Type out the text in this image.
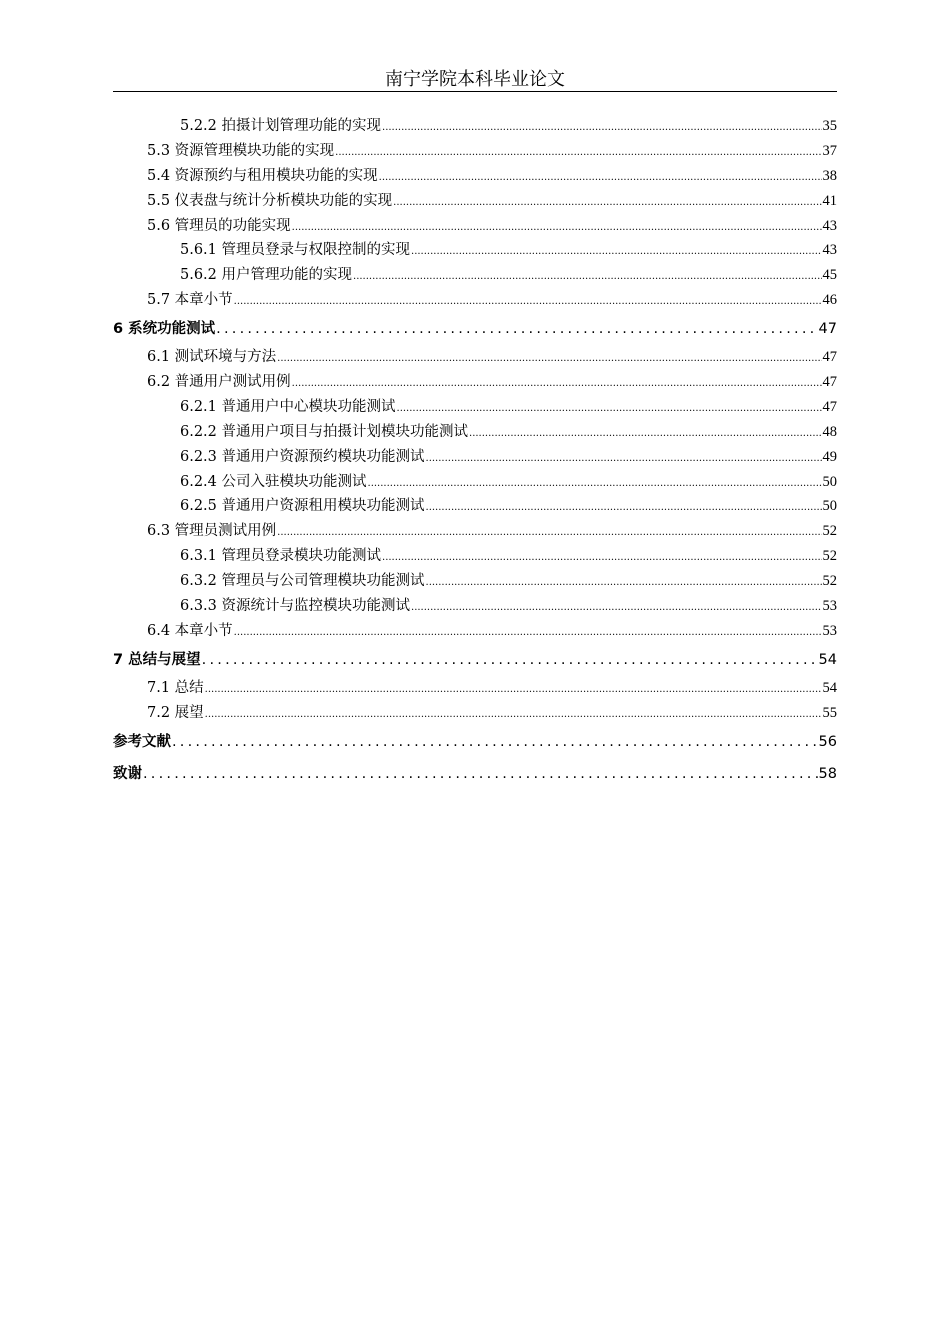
南宁学院本科毕业论文
5.2.2 拍摄计划管理功能的实现 .....	35
5.3 资源管理模块功能的实现 .....	37
5.4 资源预约与租用模块功能的实现 .....	38
5.5 仪表盘与统计分析模块功能的实现 .....	41
5.6 管理员的功能实现 .....	43
5.6.1 管理员登录与权限控制的实现 .....	43
5.6.2 用户管理功能的实现 .....	45
5.7 本章小节 .....	46
6 系统功能测试 .....	47
6.1 测试环境与方法 .....	47
6.2 普通用户测试用例 .....	47
6.2.1 普通用户中心模块功能测试 .....	47
6.2.2 普通用户项目与拍摄计划模块功能测试 .....	48
6.2.3 普通用户资源预约模块功能测试 .....	49
6.2.4 公司入驻模块功能测试 .....	50
6.2.5 普通用户资源租用模块功能测试 .....	50
6.3 管理员测试用例 .....	52
6.3.1 管理员登录模块功能测试 .....	52
6.3.2 管理员与公司管理模块功能测试 .....	52
6.3.3 资源统计与监控模块功能测试 .....	53
6.4 本章小节 .....	53
7 总结与展望 .....	54
7.1 总结 .....	54
7.2 展望 .....	55
参考文献 .....	56
致谢 .....	58
